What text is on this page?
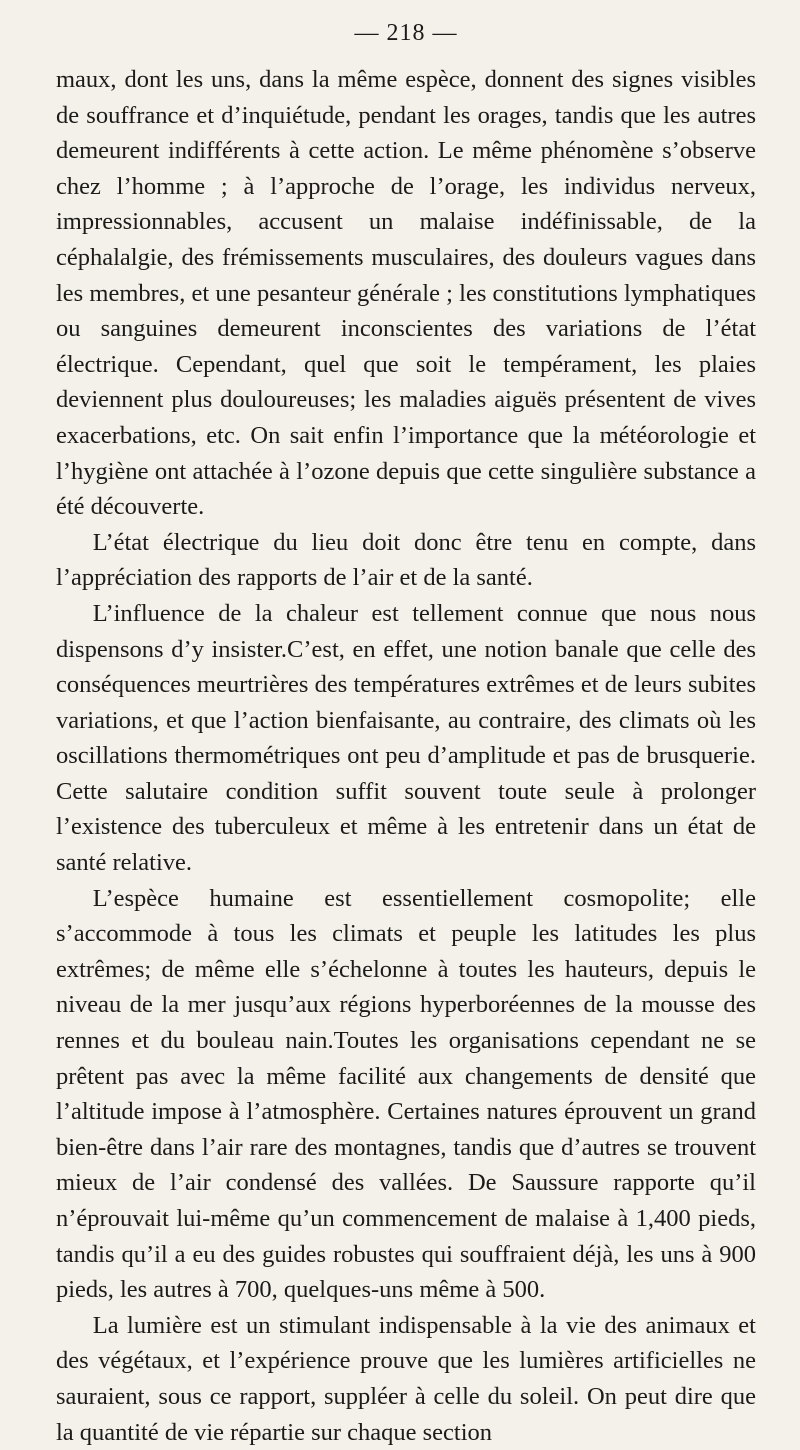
— 218 —

maux, dont les uns, dans la même espèce, donnent des signes visibles de souffrance et d’inquiétude, pendant les orages, tandis que les autres demeurent indifférents à cette action. Le même phénomène s’observe chez l’homme ; à l’approche de l’orage, les individus nerveux, impressionnables, accusent un malaise indéfinissable, de la céphalalgie, des frémissements musculaires, des douleurs vagues dans les membres, et une pesanteur générale ; les constitutions lymphatiques ou sanguines demeurent inconscientes des variations de l’état électrique. Cependant, quel que soit le tempérament, les plaies deviennent plus douloureuses; les maladies aiguës présentent de vives exacerbations, etc. On sait enfin l’importance que la météorologie et l’hygiène ont attachée à l’ozone depuis que cette singulière substance a été découverte.

L’état électrique du lieu doit donc être tenu en compte, dans l’appréciation des rapports de l’air et de la santé.

L’influence de la chaleur est tellement connue que nous nous dispensons d’y insister.C’est, en effet, une notion banale que celle des conséquences meurtrières des températures extrêmes et de leurs subites variations, et que l’action bienfaisante, au contraire, des climats où les oscillations thermométriques ont peu d’amplitude et pas de brusquerie. Cette salutaire condition suffit souvent toute seule à prolonger l’existence des tuberculeux et même à les entretenir dans un état de santé relative.

L’espèce humaine est essentiellement cosmopolite; elle s’accommode à tous les climats et peuple les latitudes les plus extrêmes; de même elle s’échelonne à toutes les hauteurs, depuis le niveau de la mer jusqu’aux régions hyperboréennes de la mousse des rennes et du bouleau nain.Toutes les organisations cependant ne se prêtent pas avec la même facilité aux changements de densité que l’altitude impose à l’atmosphère. Certaines natures éprouvent un grand bien-être dans l’air rare des montagnes, tandis que d’autres se trouvent mieux de l’air condensé des vallées. De Saussure rapporte qu’il n’éprouvait lui-même qu’un commencement de malaise à 1,400 pieds, tandis qu’il a eu des guides robustes qui souffraient déjà, les uns à 900 pieds, les autres à 700, quelques-uns même à 500.

La lumière est un stimulant indispensable à la vie des animaux et des végétaux, et l’expérience prouve que les lumières artificielles ne sauraient, sous ce rapport, suppléer à celle du soleil. On peut dire que la quantité de vie répartie sur chaque section
